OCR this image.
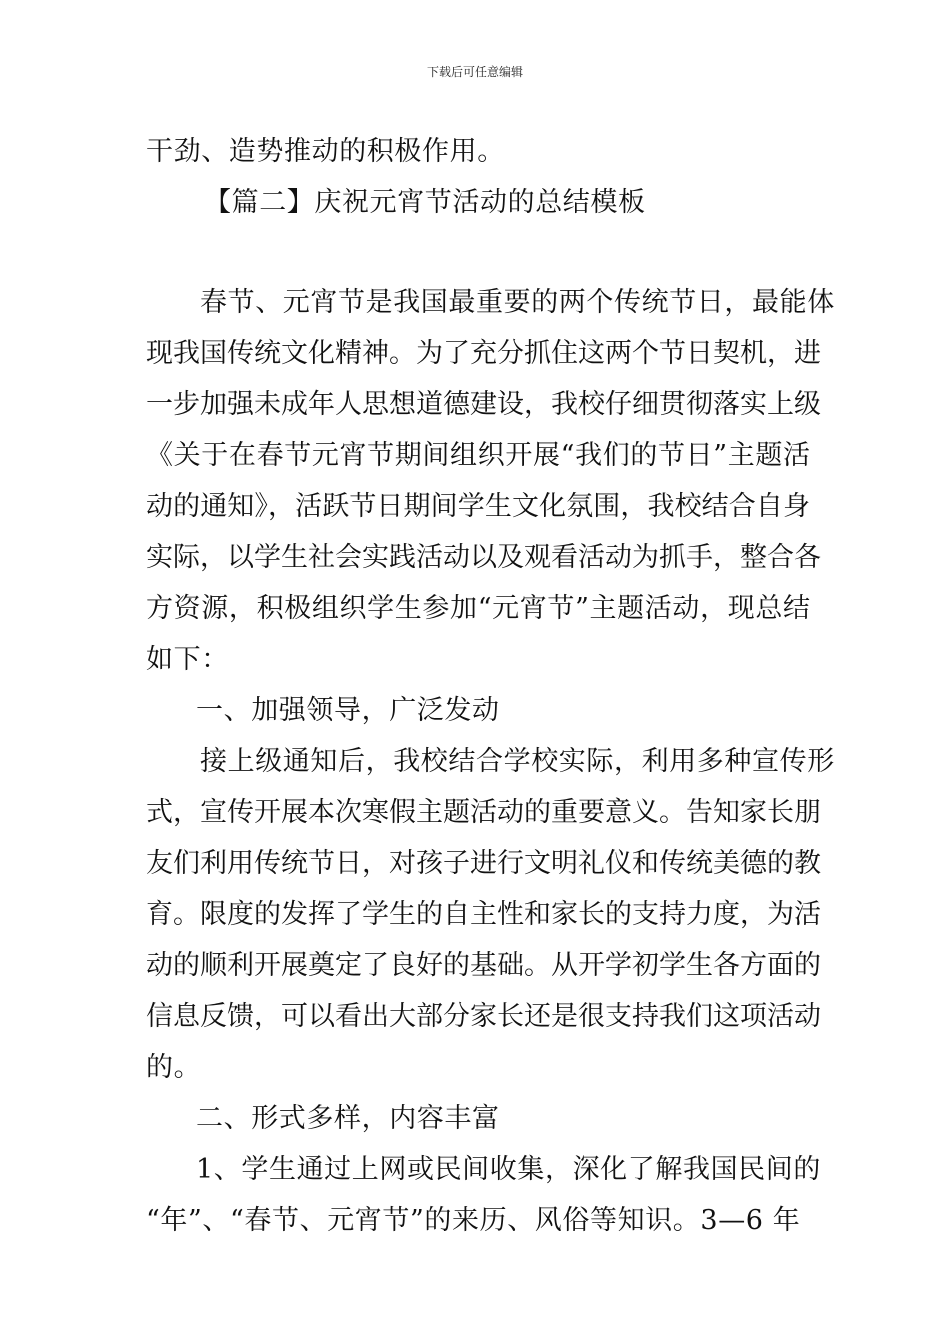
下载后可任意编辑
干劲、造势推动的积极作用。
【篇二】庆祝元宵节活动的总结模板
春节、元宵节是我国最重要的两个传统节日，最能体
现我国传统文化精神。为了充分抓住这两个节日契机，进
一步加强未成年人思想道德建设，我校仔细贯彻落实上级
《关于在春节元宵节期间组织开展“我们的节日”主题活
动的通知》，活跃节日期间学生文化氛围，我校结合自身
实际，以学生社会实践活动以及观看活动为抓手，整合各
方资源，积极组织学生参加“元宵节”主题活动，现总结
如下：
一、加强领导，广泛发动
接上级通知后，我校结合学校实际，利用多种宣传形
式，宣传开展本次寒假主题活动的重要意义。告知家长朋
友们利用传统节日，对孩子进行文明礼仪和传统美德的教
育。限度的发挥了学生的自主性和家长的支持力度，为活
动的顺利开展奠定了良好的基础。从开学初学生各方面的
信息反馈，可以看出大部分家长还是很支持我们这项活动
的。
二、形式多样，内容丰富
1、学生通过上网或民间收集，深化了解我国民间的
“年”、“春节、元宵节”的来历、风俗等知识。3—6 年
